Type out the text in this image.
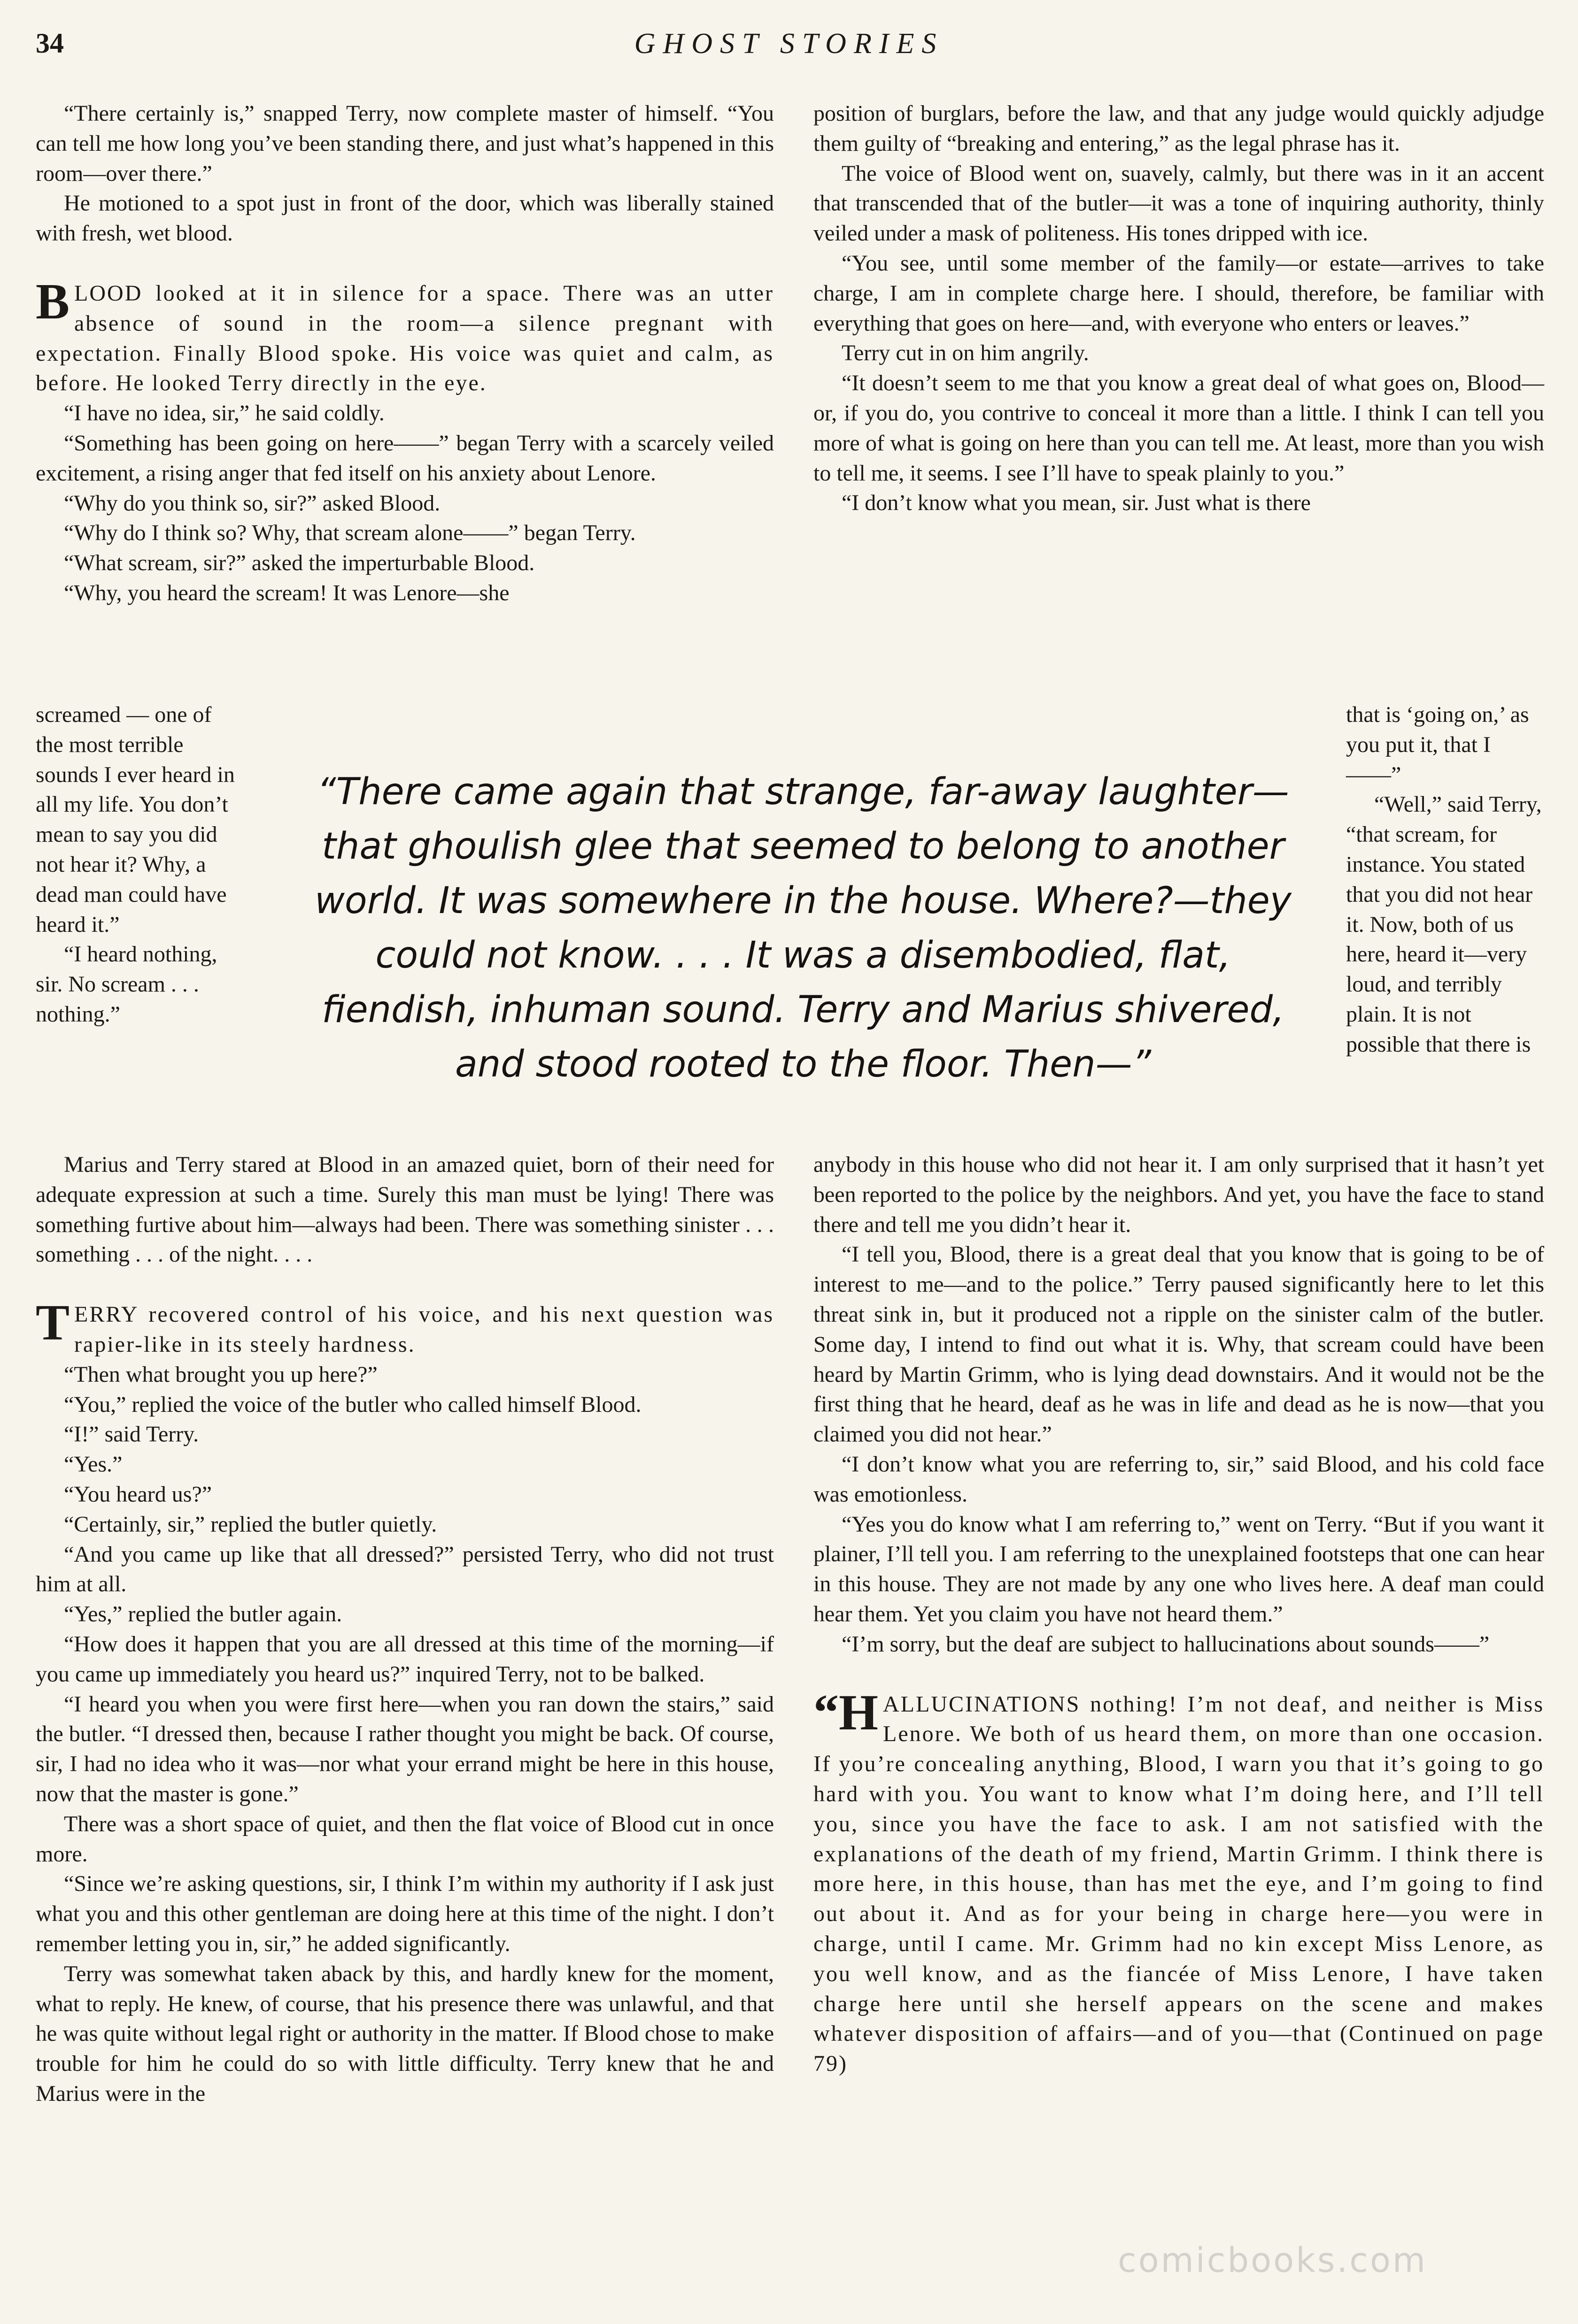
34	GHOST STORIES

“There certainly is,” snapped Terry, now complete master of himself. “You can tell me how long you’ve been standing there, and just what’s happened in this room—over there.”

He motioned to a spot just in front of the door, which was liberally stained with fresh, wet blood.

BLOOD looked at it in silence for a space. There was an utter absence of sound in the room—a silence pregnant with expectation. Finally Blood spoke. His voice was quiet and calm, as before. He looked Terry directly in the eye.

“I have no idea, sir,” he said coldly.

“Something has been going on here——” began Terry with a scarcely veiled excitement, a rising anger that fed itself on his anxiety about Lenore.

“Why do you think so, sir?” asked Blood.

“Why do I think so? Why, that scream alone——” began Terry.

“What scream, sir?” asked the imperturbable Blood.

“Why, you heard the scream! It was Lenore—she

screamed — one of the most terrible sounds I ever heard in all my life. You don’t mean to say you did not hear it? Why, a dead man could have heard it.”

“I heard nothing, sir. No scream . . . nothing.”

“There came again that strange, far-away laughter—that ghoulish glee that seemed to belong to another world. It was somewhere in the house. Where?—they could not know. . . . It was a disembodied, flat, fiendish, inhuman sound. Terry and Marius shivered, and stood rooted to the floor. Then—”

Marius and Terry stared at Blood in an amazed quiet, born of their need for adequate expression at such a time. Surely this man must be lying! There was something furtive about him—always had been. There was something sinister . . . something . . . of the night. . . .

TERRY recovered control of his voice, and his next question was rapier-like in its steely hardness.

“Then what brought you up here?”

“You,” replied the voice of the butler who called himself Blood.

“I!” said Terry.

“Yes.”

“You heard us?”

“Certainly, sir,” replied the butler quietly.

“And you came up like that all dressed?” persisted Terry, who did not trust him at all.

“Yes,” replied the butler again.

“How does it happen that you are all dressed at this time of the morning—if you came up immediately you heard us?” inquired Terry, not to be balked.

“I heard you when you were first here—when you ran down the stairs,” said the butler. “I dressed then, because I rather thought you might be back. Of course, sir, I had no idea who it was—nor what your errand might be here in this house, now that the master is gone.”

There was a short space of quiet, and then the flat voice of Blood cut in once more.

“Since we’re asking questions, sir, I think I’m within my authority if I ask just what you and this other gentleman are doing here at this time of the night. I don’t remember letting you in, sir,” he added significantly.

Terry was somewhat taken aback by this, and hardly knew for the moment, what to reply. He knew, of course, that his presence there was unlawful, and that he was quite without legal right or authority in the matter. If Blood chose to make trouble for him he could do so with little difficulty. Terry knew that he and Marius were in the

position of burglars, before the law, and that any judge would quickly adjudge them guilty of “breaking and entering,” as the legal phrase has it.

The voice of Blood went on, suavely, calmly, but there was in it an accent that transcended that of the butler—it was a tone of inquiring authority, thinly veiled under a mask of politeness. His tones dripped with ice.

“You see, until some member of the family—or estate—arrives to take charge, I am in complete charge here. I should, therefore, be familiar with everything that goes on here—and, with everyone who enters or leaves.”

Terry cut in on him angrily.

“It doesn’t seem to me that you know a great deal of what goes on, Blood—or, if you do, you contrive to conceal it more than a little. I think I can tell you more of what is going on here than you can tell me. At least, more than you wish to tell me, it seems. I see I’ll have to speak plainly to you.”

“I don’t know what you mean, sir. Just what is there

that is ‘going on,’ as you put it, that I——”

“Well,” said Terry, “that scream, for instance. You stated that you did not hear it. Now, both of us here, heard it—very loud, and terribly plain. It is not possible that there is

anybody in this house who did not hear it. I am only surprised that it hasn’t yet been reported to the police by the neighbors. And yet, you have the face to stand there and tell me you didn’t hear it.

“I tell you, Blood, there is a great deal that you know that is going to be of interest to me—and to the police.” Terry paused significantly here to let this threat sink in, but it produced not a ripple on the sinister calm of the butler. Some day, I intend to find out what it is. Why, that scream could have been heard by Martin Grimm, who is lying dead downstairs. And it would not be the first thing that he heard, deaf as he was in life and dead as he is now—that you claimed you did not hear.”

“I don’t know what you are referring to, sir,” said Blood, and his cold face was emotionless.

“Yes you do know what I am referring to,” went on Terry. “But if you want it plainer, I’ll tell you. I am referring to the unexplained footsteps that one can hear in this house. They are not made by any one who lives here. A deaf man could hear them. Yet you claim you have not heard them.”

“I’m sorry, but the deaf are subject to hallucinations about sounds——”

“HALLUCINATIONS nothing! I’m not deaf, and neither is Miss Lenore. We both of us heard them, on more than one occasion. If you’re concealing anything, Blood, I warn you that it’s going to go hard with you. You want to know what I’m doing here, and I’ll tell you, since you have the face to ask. I am not satisfied with the explanations of the death of my friend, Martin Grimm. I think there is more here, in this house, than has met the eye, and I’m going to find out about it. And as for your being in charge here—you were in charge, until I came. Mr. Grimm had no kin except Miss Lenore, as you well know, and as the fiancée of Miss Lenore, I have taken charge here until she herself appears on the scene and makes whatever disposition of affairs—and of you—that (Continued on page 79)

comicbooks.com
